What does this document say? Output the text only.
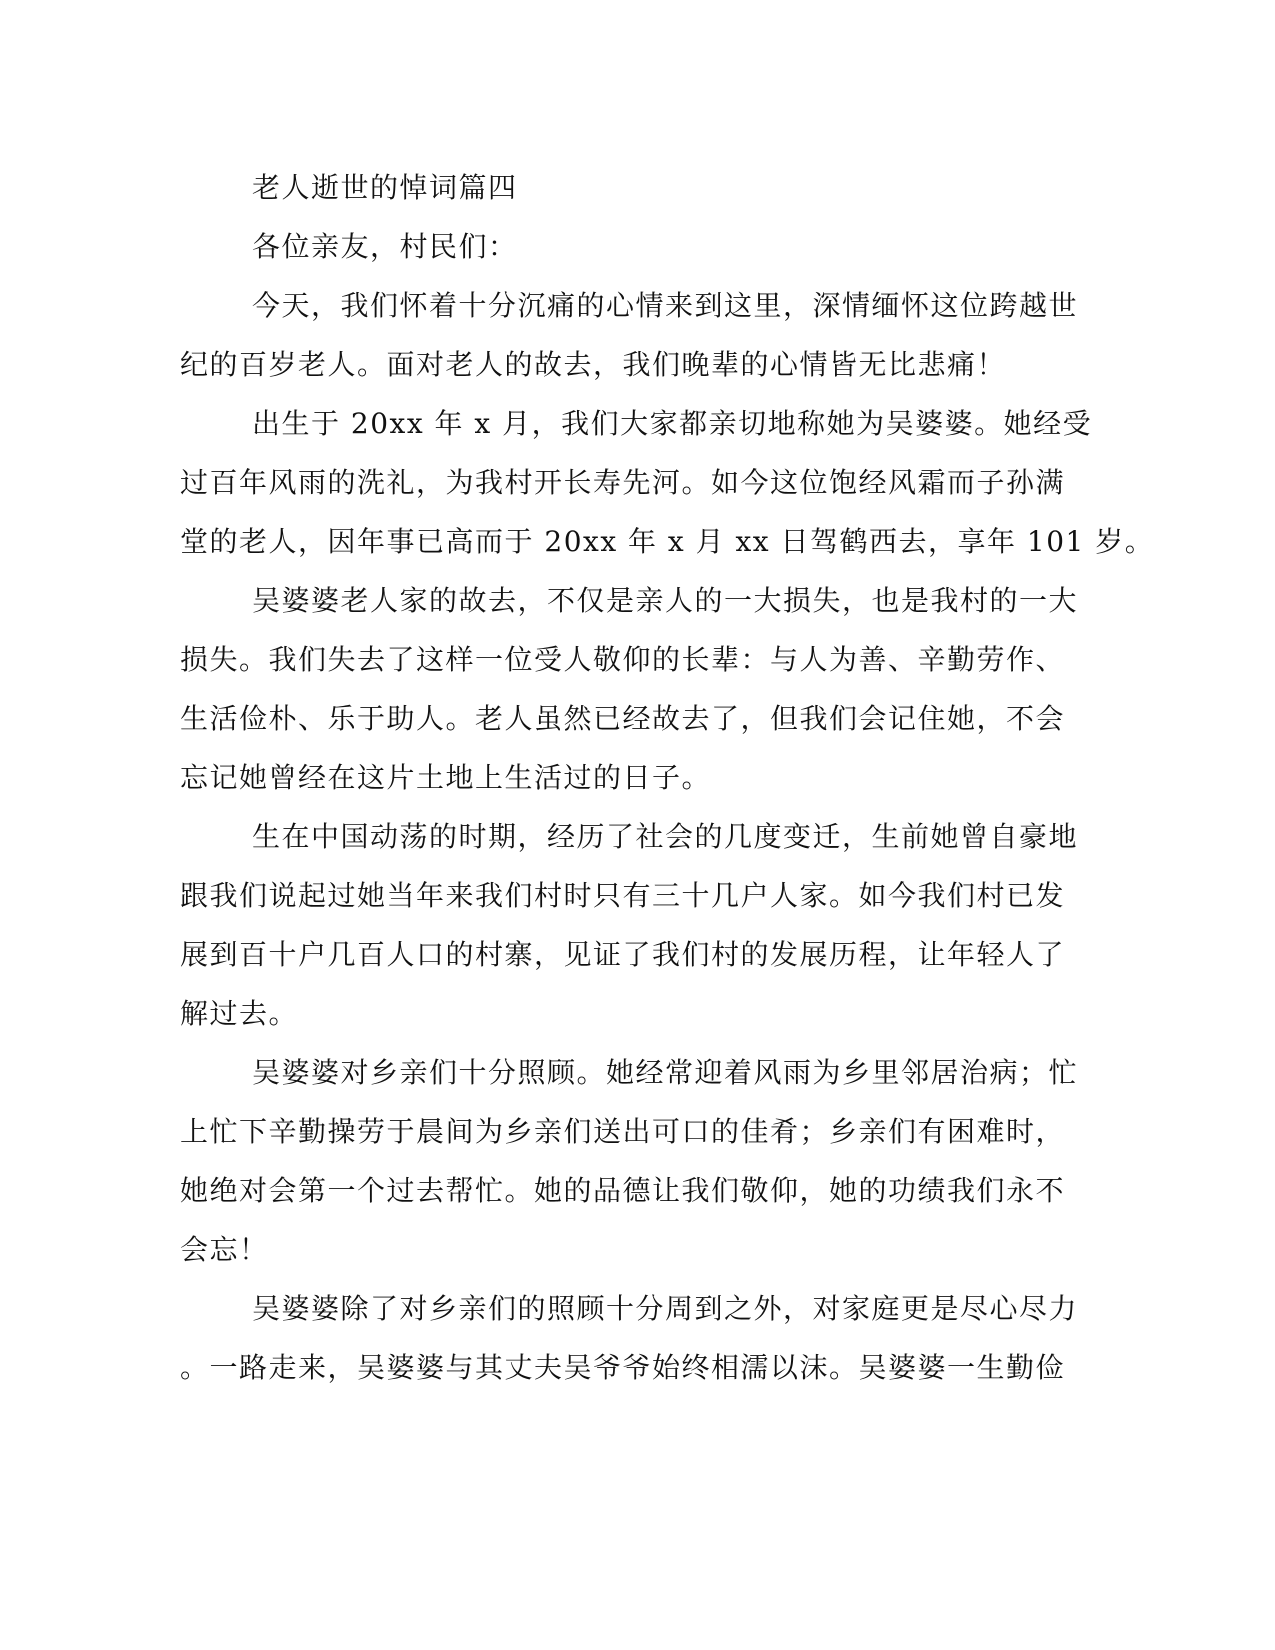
老人逝世的悼词篇四
各位亲友，村民们：
今天，我们怀着十分沉痛的心情来到这里，深情缅怀这位跨越世
纪的百岁老人。面对老人的故去，我们晚辈的心情皆无比悲痛！
出生于 20xx 年 x 月，我们大家都亲切地称她为吴婆婆。她经受
过百年风雨的洗礼，为我村开长寿先河。如今这位饱经风霜而子孙满
堂的老人，因年事已高而于 20xx 年 x 月 xx 日驾鹤西去，享年 101 岁。
吴婆婆老人家的故去，不仅是亲人的一大损失，也是我村的一大
损失。我们失去了这样一位受人敬仰的长辈：与人为善、辛勤劳作、
生活俭朴、乐于助人。老人虽然已经故去了，但我们会记住她，不会
忘记她曾经在这片土地上生活过的日子。
生在中国动荡的时期，经历了社会的几度变迁，生前她曾自豪地
跟我们说起过她当年来我们村时只有三十几户人家。如今我们村已发
展到百十户几百人口的村寨，见证了我们村的发展历程，让年轻人了
解过去。
吴婆婆对乡亲们十分照顾。她经常迎着风雨为乡里邻居治病；忙
上忙下辛勤操劳于晨间为乡亲们送出可口的佳肴；乡亲们有困难时，
她绝对会第一个过去帮忙。她的品德让我们敬仰，她的功绩我们永不
会忘！
吴婆婆除了对乡亲们的照顾十分周到之外，对家庭更是尽心尽力
。一路走来，吴婆婆与其丈夫吴爷爷始终相濡以沫。吴婆婆一生勤俭
